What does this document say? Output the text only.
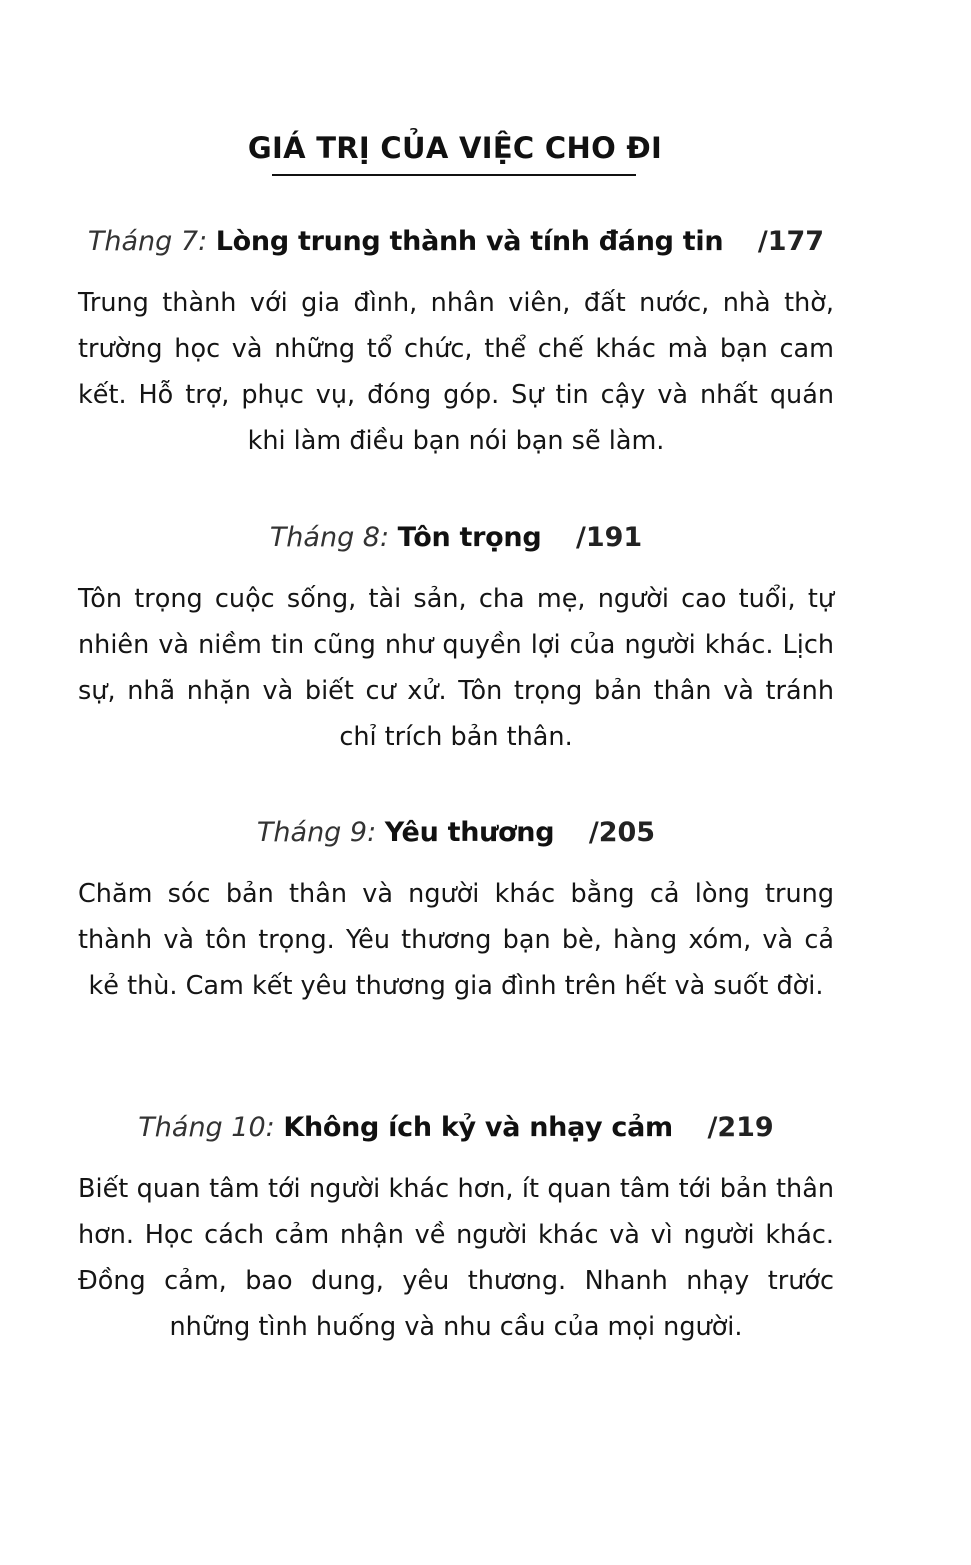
GIÁ TRỊ CỦA VIỆC CHO ĐI

Tháng 7: Lòng trung thành và tính đáng tin /177

Trung thành với gia đình, nhân viên, đất nước, nhà thờ, trường học và những tổ chức, thể chế khác mà bạn cam kết. Hỗ trợ, phục vụ, đóng góp. Sự tin cậy và nhất quán khi làm điều bạn nói bạn sẽ làm.

Tháng 8: Tôn trọng /191

Tôn trọng cuộc sống, tài sản, cha mẹ, người cao tuổi, tự nhiên và niềm tin cũng như quyền lợi của người khác. Lịch sự, nhã nhặn và biết cư xử. Tôn trọng bản thân và tránh chỉ trích bản thân.

Tháng 9: Yêu thương /205

Chăm sóc bản thân và người khác bằng cả lòng trung thành và tôn trọng. Yêu thương bạn bè, hàng xóm, và cả kẻ thù. Cam kết yêu thương gia đình trên hết và suốt đời.

Tháng 10: Không ích kỷ và nhạy cảm /219

Biết quan tâm tới người khác hơn, ít quan tâm tới bản thân hơn. Học cách cảm nhận về người khác và vì người khác. Đồng cảm, bao dung, yêu thương. Nhanh nhạy trước những tình huống và nhu cầu của mọi người.
